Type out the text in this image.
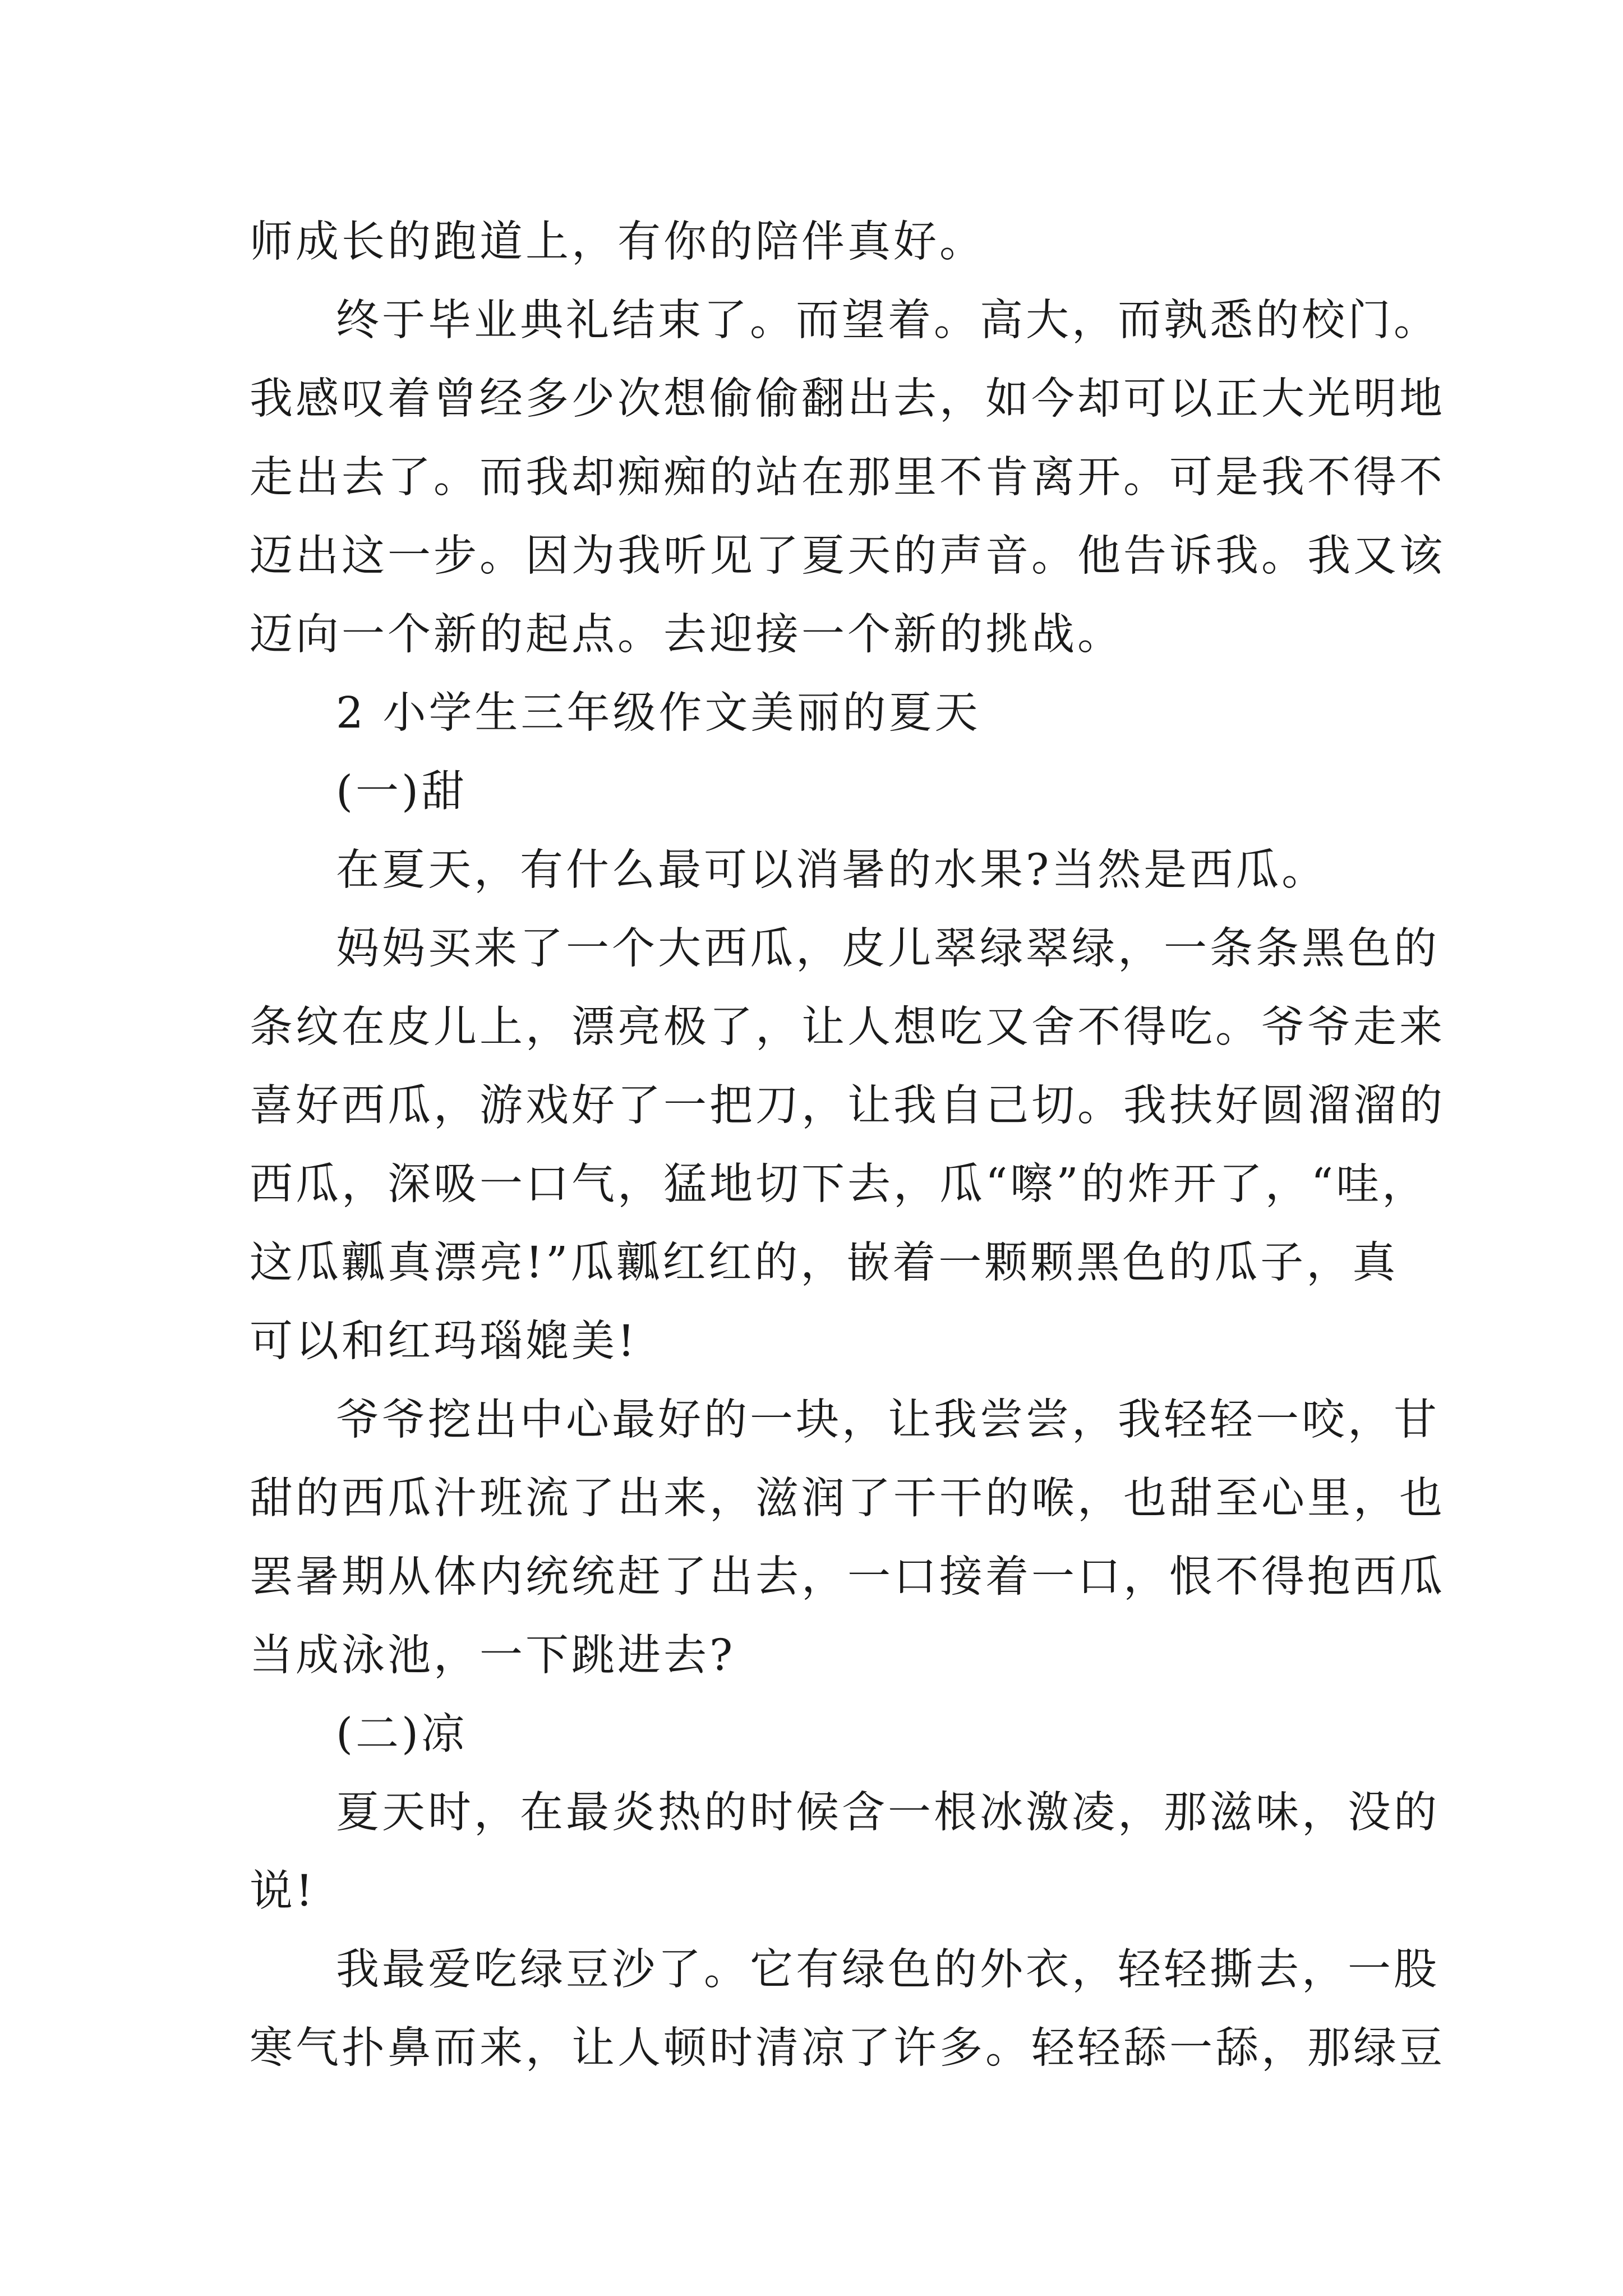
师成长的跑道上，有你的陪伴真好。
终于毕业典礼结束了。而望着。高大，而孰悉的校门。
我感叹着曾经多少次想偷偷翻出去，如今却可以正大光明地
走出去了。而我却痴痴的站在那里不肯离开。可是我不得不
迈出这一步。因为我听见了夏天的声音。他告诉我。我又该
迈向一个新的起点。去迎接一个新的挑战。
2 小学生三年级作文美丽的夏天
(一)甜
在夏天，有什么最可以消暑的水果?当然是西瓜。
妈妈买来了一个大西瓜，皮儿翠绿翠绿，一条条黑色的
条纹在皮儿上，漂亮极了，让人想吃又舍不得吃。爷爷走来
喜好西瓜，游戏好了一把刀，让我自己切。我扶好圆溜溜的
西瓜，深吸一口气，猛地切下去，瓜“嚓”的炸开了，“哇，
这瓜瓤真漂亮!”瓜瓤红红的，嵌着一颗颗黑色的瓜子，真
可以和红玛瑙媲美!
爷爷挖出中心最好的一块，让我尝尝，我轻轻一咬，甘
甜的西瓜汁班流了出来，滋润了干干的喉，也甜至心里，也
罢暑期从体内统统赶了出去，一口接着一口，恨不得抱西瓜
当成泳池，一下跳进去?
(二)凉
夏天时，在最炎热的时候含一根冰激凌，那滋味，没的
说!
我最爱吃绿豆沙了。它有绿色的外衣，轻轻撕去，一股
寒气扑鼻而来，让人顿时清凉了许多。轻轻舔一舔，那绿豆
